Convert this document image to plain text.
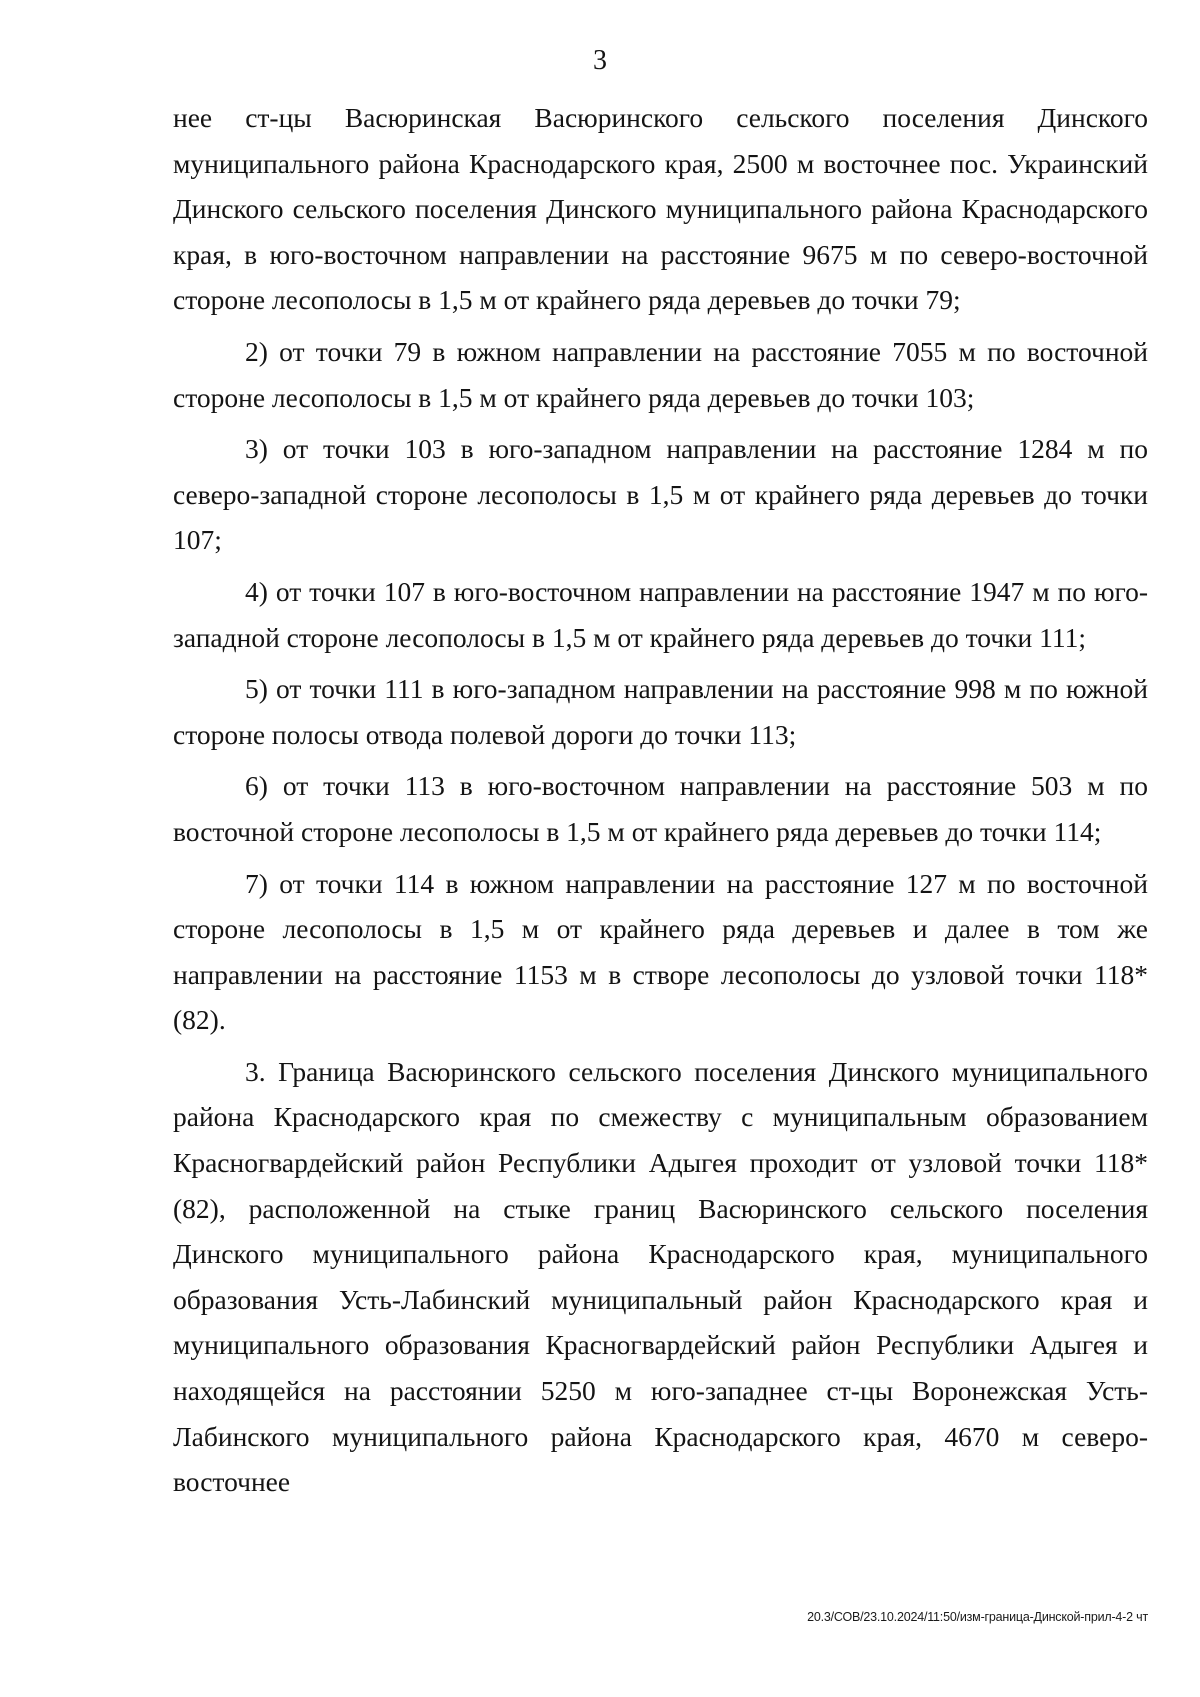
3

нее ст-цы Васюринская Васюринского сельского поселения Динского муниципального района Краснодарского края, 2500 м восточнее пос. Украинский Динского сельского поселения Динского муниципального района Краснодарского края, в юго-восточном направлении на расстояние 9675 м по северо-восточной стороне лесополосы в 1,5 м от крайнего ряда деревьев до точки 79;

2) от точки 79 в южном направлении на расстояние 7055 м по восточной стороне лесополосы в 1,5 м от крайнего ряда деревьев до точки 103;

3) от точки 103 в юго-западном направлении на расстояние 1284 м по северо-западной стороне лесополосы в 1,5 м от крайнего ряда деревьев до точки 107;

4) от точки 107 в юго-восточном направлении на расстояние 1947 м по юго-западной стороне лесополосы в 1,5 м от крайнего ряда деревьев до точки 111;

5) от точки 111 в юго-западном направлении на расстояние 998 м по южной стороне полосы отвода полевой дороги до точки 113;

6) от точки 113 в юго-восточном направлении на расстояние 503 м по восточной стороне лесополосы в 1,5 м от крайнего ряда деревьев до точки 114;

7) от точки 114 в южном направлении на расстояние 127 м по восточной стороне лесополосы в 1,5 м от крайнего ряда деревьев и далее в том же направлении на расстояние 1153 м в створе лесополосы до узловой точки 118*(82).

3. Граница Васюринского сельского поселения Динского муниципального района Краснодарского края по смежеству с муниципальным образованием Красногвардейский район Республики Адыгея проходит от узловой точки 118*(82), расположенной на стыке границ Васюринского сельского поселения Динского муниципального района Краснодарского края, муниципального образования Усть-Лабинский муниципальный район Краснодарского края и муниципального образования Красногвардейский район Республики Адыгея и находящейся на расстоянии 5250 м юго-западнее ст-цы Воронежская Усть-Лабинского муниципального района Краснодарского края, 4670 м северо-восточнее

20.3/СОВ/23.10.2024/11:50/изм-граница-Динской-прил-4-2 чт
